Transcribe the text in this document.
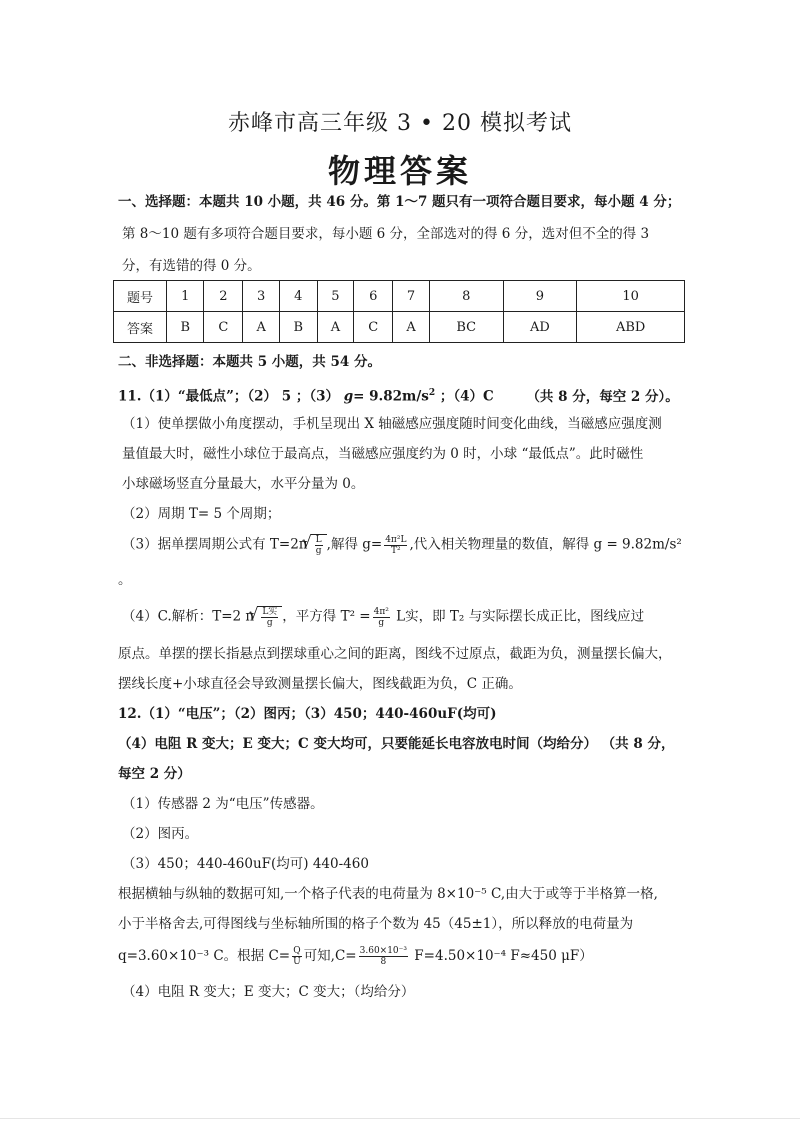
赤峰市高三年级 3 • 20 模拟考试
物理答案
一、选择题：本题共 10 小题，共 46 分。第 1～7 题只有一项符合题目要求，每小题 4 分；
第 8～10 题有多项符合题目要求，每小题 6 分，全部选对的得 6 分，选对但不全的得 3
分，有选错的得 0 分。
题号	1	2	3	4	5	6	7	8	9	10
答案	B	C	A	B	A	C	A	BC	AD	ABD
二、非选择题：本题共 5 小题，共 54 分。
11.（1）“最低点”；（2） 5 ；（3） $g= 9.82m/s^2$ ；（4）C （共 8 分，每空 2 分）。
（1）使单摆做小角度摆动，手机呈现出 X 轴磁感应强度随时间变化曲线，当磁感应强度测
量值最大时，磁性小球位于最高点，当磁感应强度约为 0 时，小球 “最低点”。此时磁性
小球磁场竖直分量最大，水平分量为 0。
（2）周期 T= 5 个周期；
（3）据单摆周期公式有 T=2π √ $\frac{L}{g}$ ,解得 $g= \frac{\text{4π²L}}{\text{T²}}$ ,代入相关物理量的数值，解得 g = 9.82m/s²
。
（4）C.解析：T=2 π √ $\frac{\text{L实}}{g}$ ，平方得 $T^2 = \frac{\text{4π²}}{g}$ L实，即 T₂ 与实际摆长成正比，图线应过
原点。单摆的摆长指悬点到摆球重心之间的距离，图线不过原点，截距为负，测量摆长偏大，
摆线长度+小球直径会导致测量摆长偏大，图线截距为负，C 正确。
12.（1）“电压”；（2）图丙；（3）450；440-460uF(均可)
（4）电阻 R 变大；E 变大；C 变大均可，只要能延长电容放电时间（均给分） （共 8 分，
每空 2 分）
（1）传感器 2 为“电压”传感器。
（2）图丙。
（3）450；440-460uF(均可) 440-460
根据横轴与纵轴的数据可知,一个格子代表的电荷量为 8×10⁻⁵ C,由大于或等于半格算一格,
小于半格舍去,可得图线与坐标轴所围的格子个数为 45（45±1），所以释放的电荷量为
q=3.60×10⁻³ C。根据 $C= \frac{Q}{U}$ 可知$,C= \frac{\text{3.60×10⁻³}}{8} F=4.50\times 10^{-4}$ F≈450 μF）
（4）电阻 R 变大；E 变大；C 变大；（均给分）
